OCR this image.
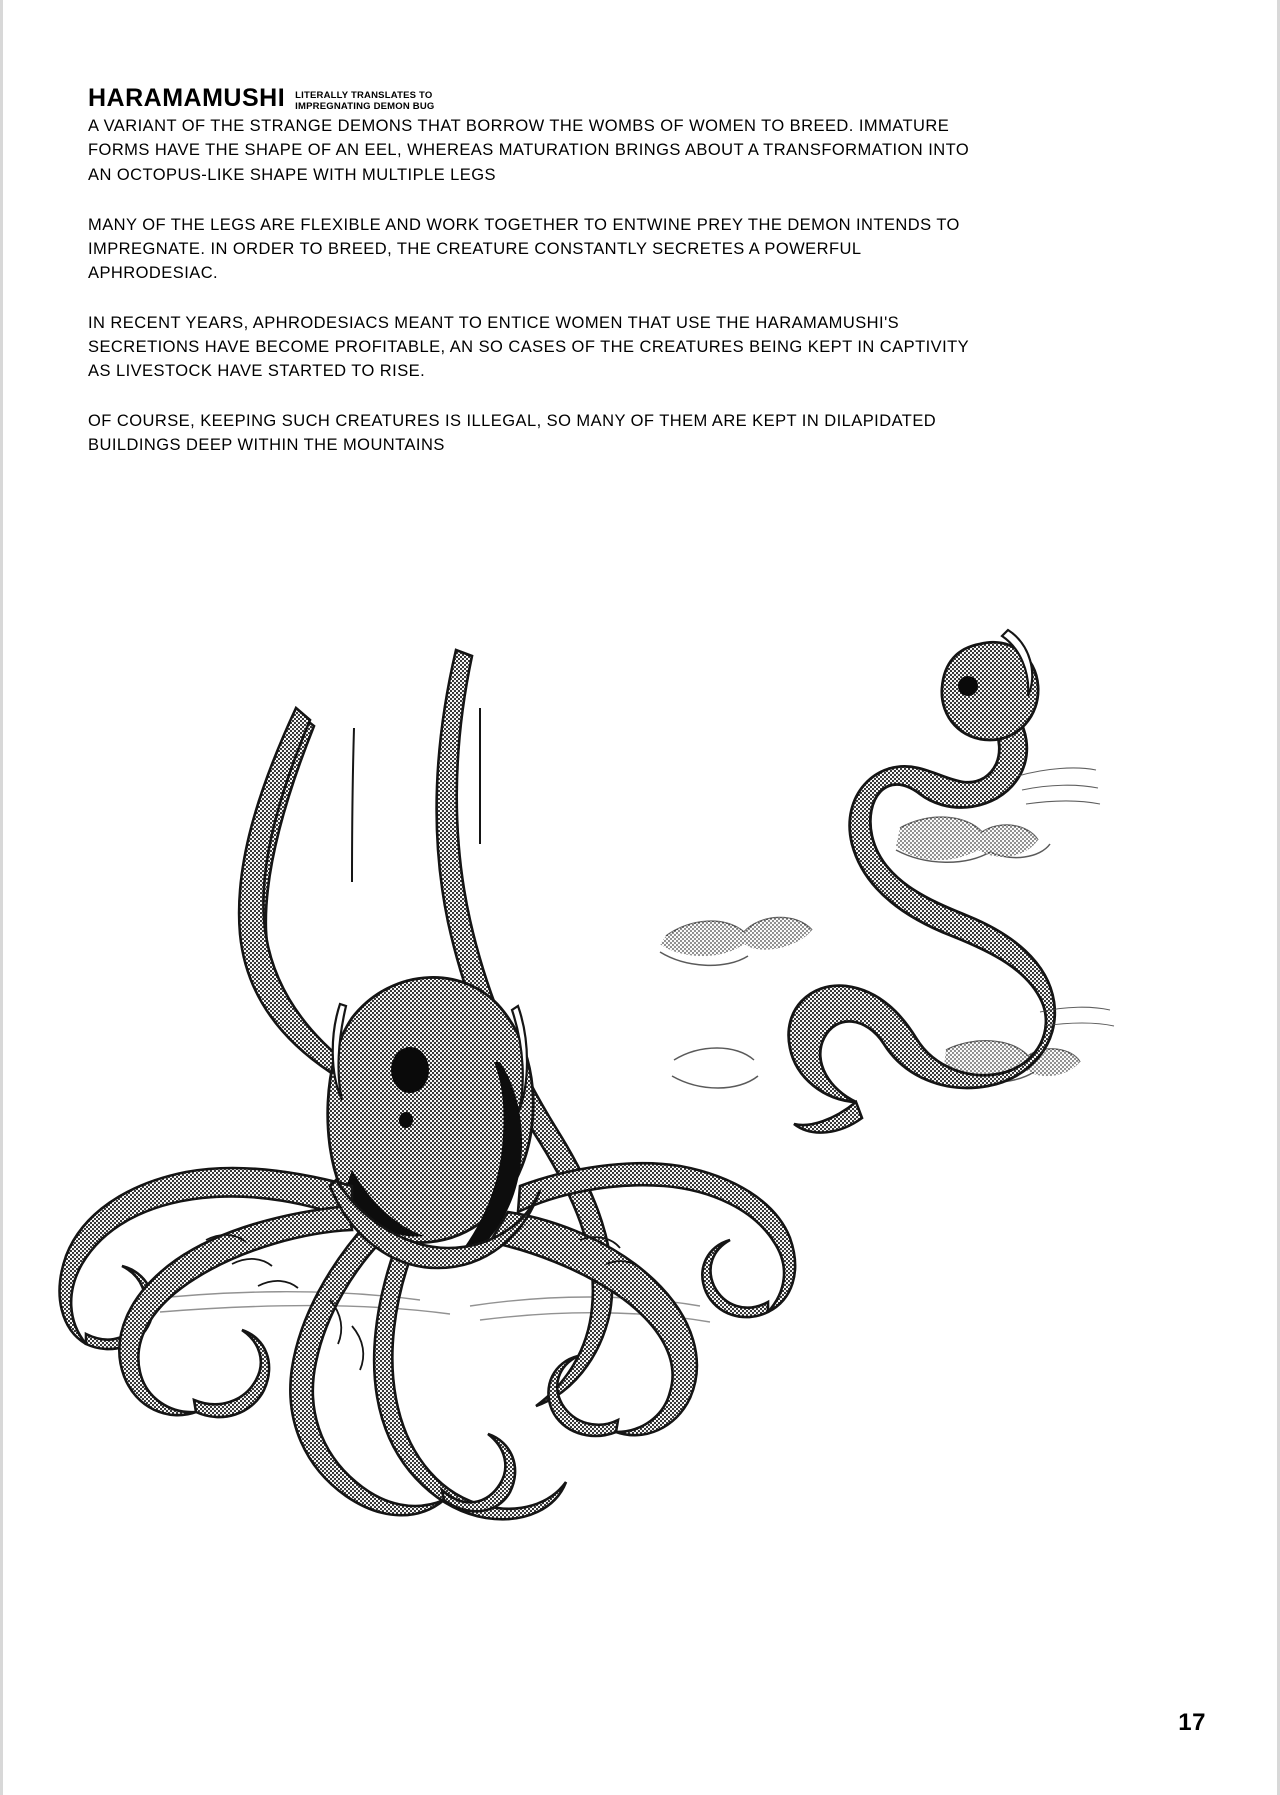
HARAMAMUSHI LITERALLY TRANSLATES TO
IMPREGNATING DEMON BUG

A VARIANT OF THE STRANGE DEMONS THAT BORROW THE WOMBS OF WOMEN TO BREED. IMMATURE FORMS HAVE THE SHAPE OF AN EEL, WHEREAS MATURATION BRINGS ABOUT A TRANSFORMATION INTO AN OCTOPUS-LIKE SHAPE WITH MULTIPLE LEGS

MANY OF THE LEGS ARE FLEXIBLE AND WORK TOGETHER TO ENTWINE PREY THE DEMON INTENDS TO IMPREGNATE. IN ORDER TO BREED, THE CREATURE CONSTANTLY SECRETES A POWERFUL APHRODESIAC.

IN RECENT YEARS, APHRODESIACS MEANT TO ENTICE WOMEN THAT USE THE HARAMAMUSHI'S SECRETIONS HAVE BECOME PROFITABLE, AN SO CASES OF THE CREATURES BEING KEPT IN CAPTIVITY AS LIVESTOCK HAVE STARTED TO RISE.

OF COURSE, KEEPING SUCH CREATURES IS ILLEGAL, SO MANY OF THEM ARE KEPT IN DILAPIDATED BUILDINGS DEEP WITHIN THE MOUNTAINS

17
